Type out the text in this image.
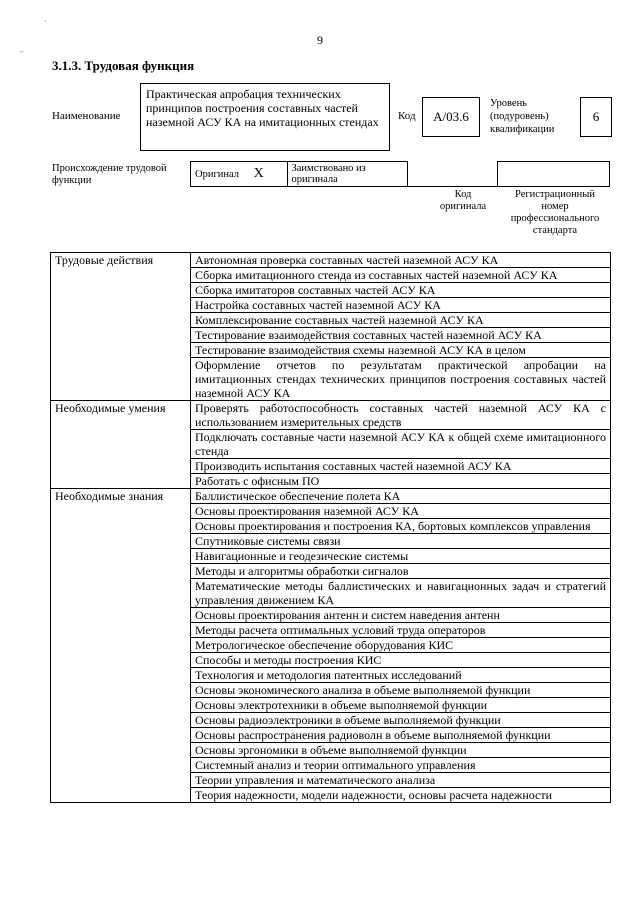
9
·
-
3.1.3. Трудовая функция
Наименование
Практическая апробация технических принципов построения составных частей наземной АСУ КА на имитационных стендах	Код А/03.6
Уровень (подуровень) квалификации
6
Происхождение трудовой функции
Оригинал X	Заимствовано из оригинала		
Код оригинала
Регистрационный номер профессионального стандарта
Трудовые действия	Автономная проверка составных частей наземной АСУ КА
	Сборка имитационного стенда из составных частей наземной АСУ КА
	Сборка имитаторов составных частей АСУ КА
	Настройка составных частей наземной АСУ КА
	Комплексирование составных частей наземной АСУ КА
	Тестирование взаимодействия составных частей наземной АСУ КА
	Тестирование взаимодействия схемы наземной АСУ КА в целом
	Оформление отчетов по результатам практической апробации на имитационных стендах технических принципов построения составных частей наземной АСУ КА
Необходимые умения	Проверять работоспособность составных частей наземной АСУ КА с использованием измерительных средств
	Подключать составные части наземной АСУ КА к общей схеме имитационного стенда
	Производить испытания составных частей наземной АСУ КА
	Работать с офисным ПО
Необходимые знания	Баллистическое обеспечение полета КА
	Основы проектирования наземной АСУ КА
	Основы проектирования и построения КА, бортовых комплексов управления
	Спутниковые системы связи
	Навигационные и геодезические системы
	Методы и алгоритмы обработки сигналов
	Математические методы баллистических и навигационных задач и стратегий управления движением КА
	Основы проектирования антенн и систем наведения антенн
	Методы расчета оптимальных условий труда операторов
	Метрологическое обеспечение оборудования КИС
	Способы и методы построения КИС
	Технология и методология патентных исследований
	Основы экономического анализа в объеме выполняемой функции
	Основы электротехники в объеме выполняемой функции
	Основы радиоэлектроники в объеме выполняемой функции
	Основы распространения радиоволн в объеме выполняемой функции
	Основы эргономики в объеме выполняемой функции
	Системный анализ и теории оптимального управления
	Теории управления и математического анализа
	Теория надежности, модели надежности, основы расчета надежности
